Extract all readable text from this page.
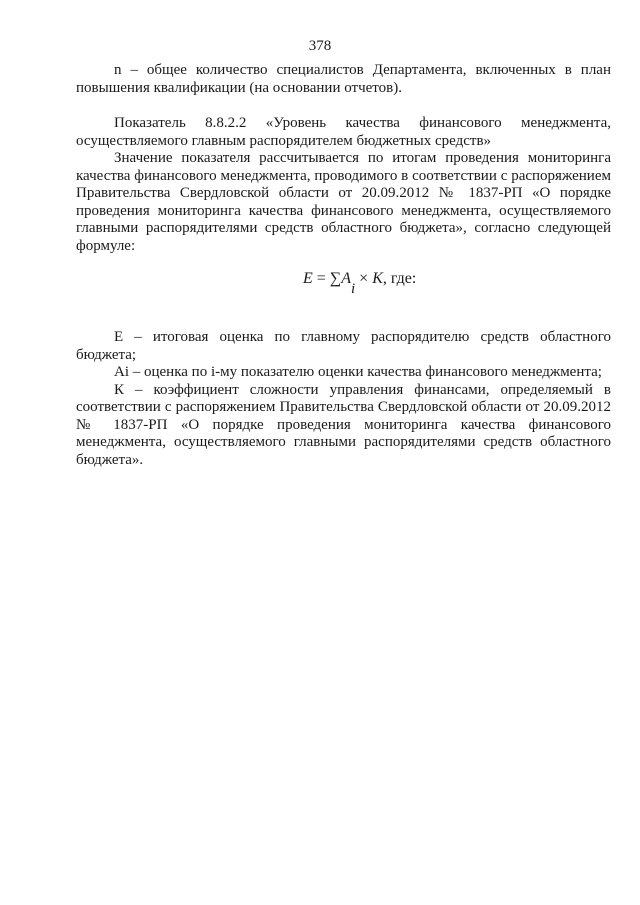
378

n – общее количество специалистов Департамента, включенных в план повышения квалификации (на основании отчетов).

Показатель 8.8.2.2 «Уровень качества финансового менеджмента, осуществляемого главным распорядителем бюджетных средств»

Значение показателя рассчитывается по итогам проведения мониторинга качества финансового менеджмента, проводимого в соответствии с распоряжением Правительства Свердловской области от 20.09.2012 № 1837-РП «О порядке проведения мониторинга качества финансового менеджмента, осуществляемого главными распорядителями средств областного бюджета», согласно следующей формуле:

E = ∑Ai × K, где:

Е – итоговая оценка по главному распорядителю средств областного бюджета;

Ai – оценка по i-му показателю оценки качества финансового менеджмента;

К – коэффициент сложности управления финансами, определяемый в соответствии с распоряжением Правительства Свердловской области от 20.09.2012 № 1837-РП «О порядке проведения мониторинга качества финансового менеджмента, осуществляемого главными распорядителями средств областного бюджета».
